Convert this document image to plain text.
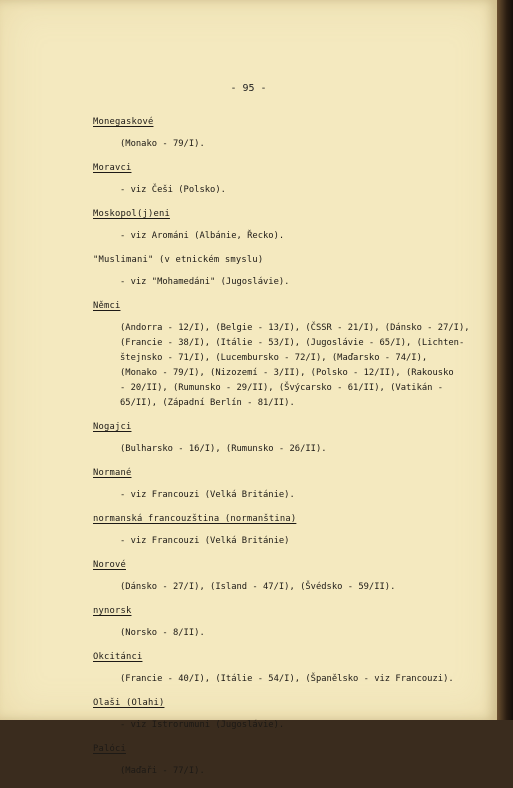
- 95 -
Monegaskové
(Monako - 79/I).
Moravci
- viz Češi (Polsko).
Moskopol(j)eni
- viz Arománi (Albánie, Řecko).
"Muslimani" (v etnickém smyslu)
- viz "Mohamedáni" (Jugoslávie).
Němci
(Andorra - 12/I), (Belgie - 13/I), (ČSSR - 21/I), (Dánsko - 27/I),
(Francie - 38/I), (Itálie - 53/I), (Jugoslávie - 65/I), (Lichten-
štejnsko - 71/I), (Lucembursko - 72/I), (Maďarsko - 74/I),
(Monako - 79/I), (Nizozemí - 3/II), (Polsko - 12/II), (Rakousko
- 20/II), (Rumunsko - 29/II), (Švýcarsko - 61/II), (Vatikán -
65/II), (Západní Berlín - 81/II).
Nogajci
(Bulharsko - 16/I), (Rumunsko - 26/II).
Normané
- viz Francouzi (Velká Británie).
normanská francouzština (normanština)
- viz Francouzi (Velká Británie)
Norové
(Dánsko - 27/I), (Island - 47/I), (Švédsko - 59/II).
nynorsk
(Norsko - 8/II).
Okcitánci
(Francie - 40/I), (Itálie - 54/I), (Španělsko - viz Francouzi).
Olaši (Olahi)
- viz Istrorumuni (Jugoslávie).
Palóci
(Maďaři - 77/I).
